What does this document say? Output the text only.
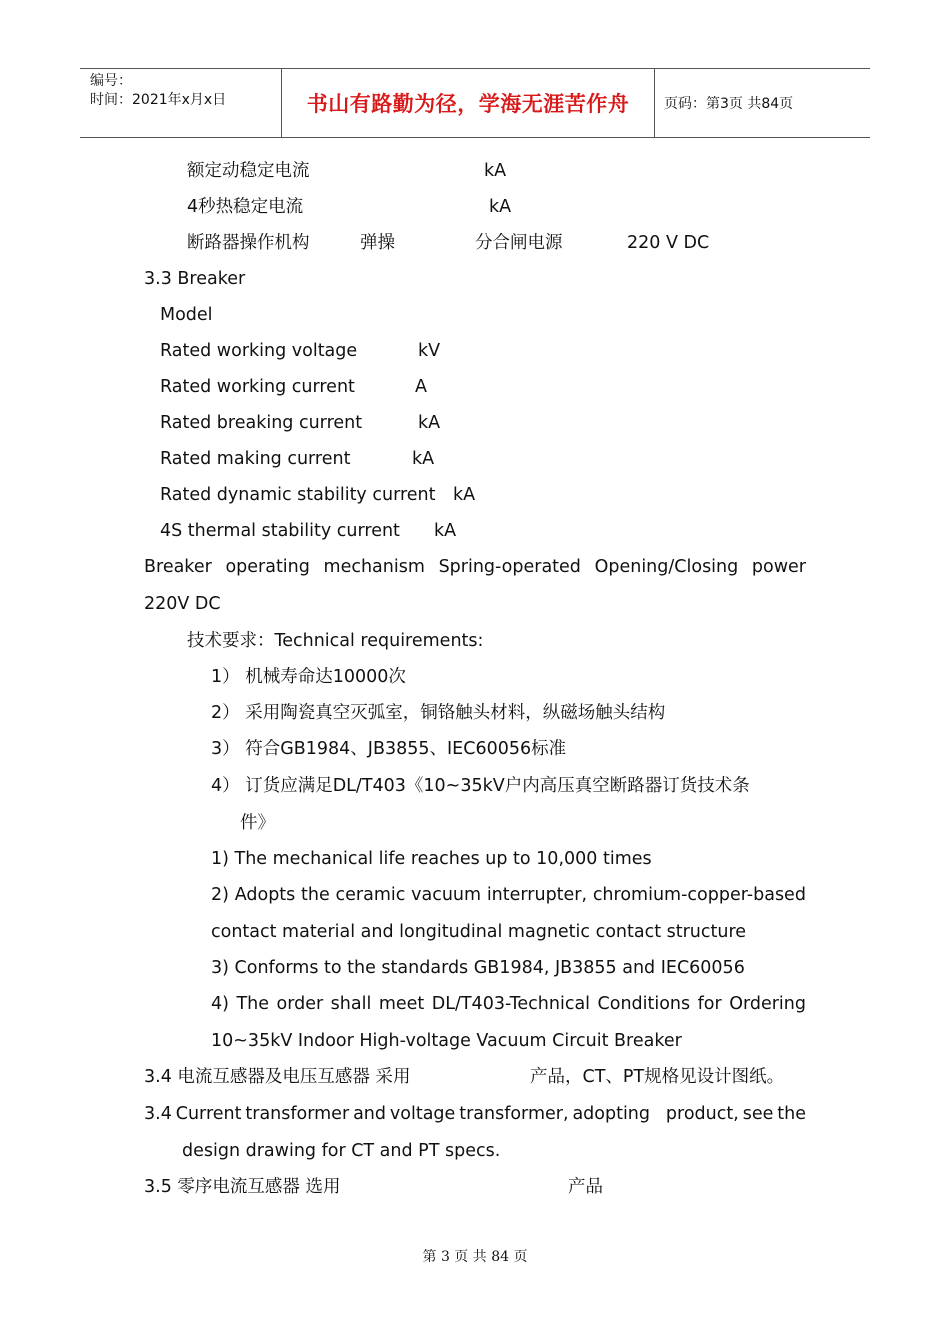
编号：
时间：2021年x月x日	书山有路勤为径，学海无涯苦作舟	页码：第3页 共84页
额定动稳定电流	kA
4秒热稳定电流	kA
断路器操作机构	弹操	分合闸电源	220 V DC
3.3 Breaker
Model
Rated working voltage	kV
Rated working current	A
Rated breaking current	kA
Rated making current	kA
Rated dynamic stability current kA
4S thermal stability current kA
Breaker operating mechanism Spring-operated Opening/Closing power
220V DC
技术要求：Technical requirements:
1） 机械寿命达10000次
2） 采用陶瓷真空灭弧室，铜铬触头材料，纵磁场触头结构
3） 符合GB1984、JB3855、IEC60056标准
4） 订货应满足DL/T403《10~35kV户内高压真空断路器订货技术条
件》
1) The mechanical life reaches up to 10,000 times
2) Adopts the ceramic vacuum interrupter, chromium-copper-based
contact material and longitudinal magnetic contact structure
3) Conforms to the standards GB1984, JB3855 and IEC60056
4) The order shall meet DL/T403-Technical Conditions for Ordering
10~35kV Indoor High-voltage Vacuum Circuit Breaker
3.4 电流互感器及电压互感器 采用	产品，CT、PT规格见设计图纸。
3.4 Current transformer and voltage transformer, adopting product, see the
design drawing for CT and PT specs.
3.5 零序电流互感器 选用	产品
第 3 页 共 84 页
